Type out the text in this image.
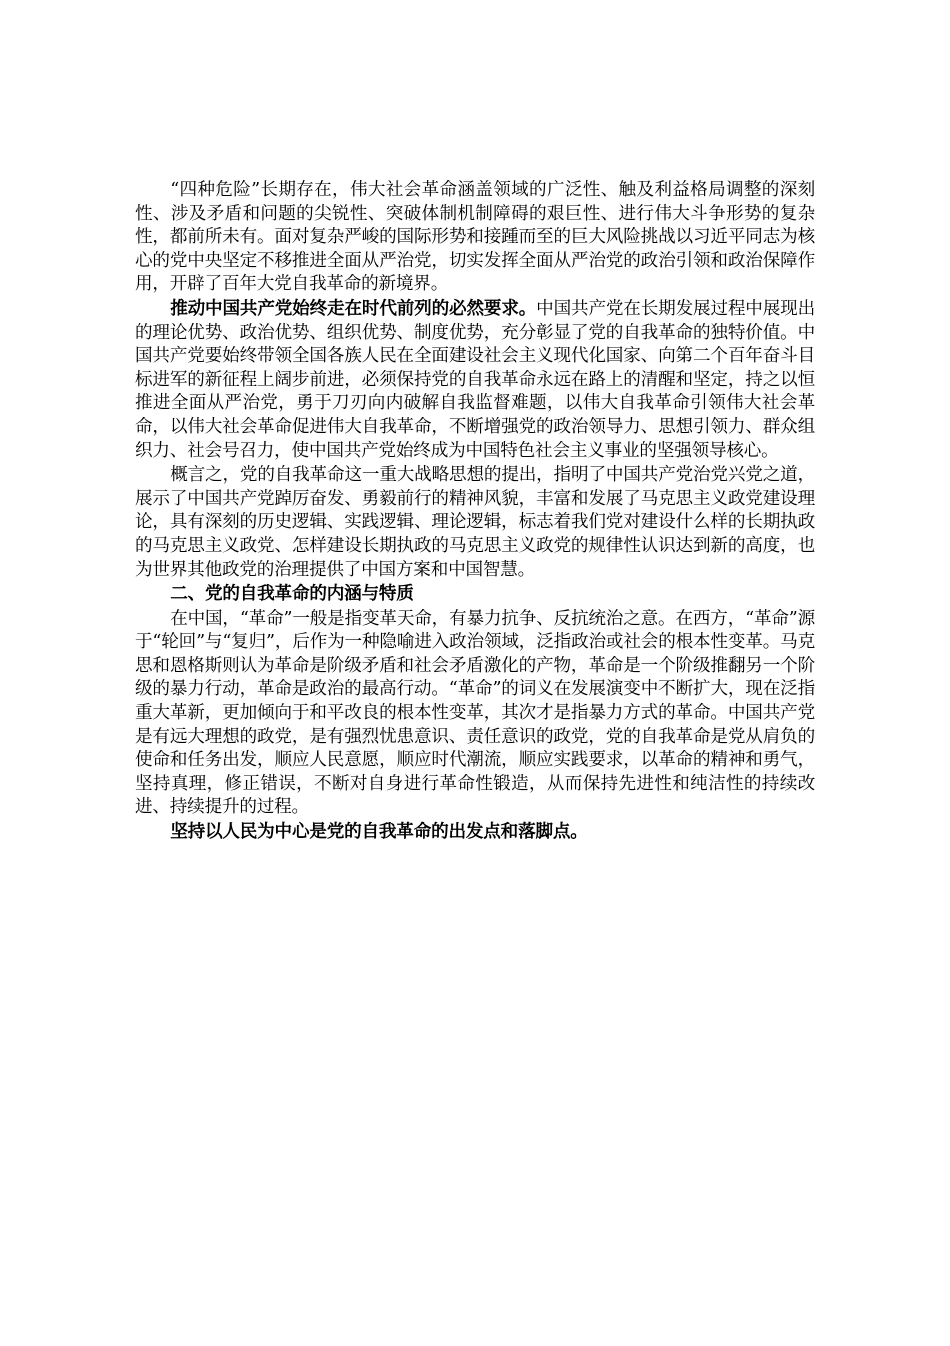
“四种危险”长期存在，伟大社会革命涵盖领域的广泛性、触及利益格局调整的深刻性、涉及矛盾和问题的尖锐性、突破体制机制障碍的艰巨性、进行伟大斗争形势的复杂性，都前所未有。面对复杂严峻的国际形势和接踵而至的巨大风险挑战以习近平同志为核心的党中央坚定不移推进全面从严治党，切实发挥全面从严治党的政治引领和政治保障作用，开辟了百年大党自我革命的新境界。

推动中国共产党始终走在时代前列的必然要求。中国共产党在长期发展过程中展现出的理论优势、政治优势、组织优势、制度优势，充分彰显了党的自我革命的独特价值。中国共产党要始终带领全国各族人民在全面建设社会主义现代化国家、向第二个百年奋斗目标进军的新征程上阔步前进，必须保持党的自我革命永远在路上的清醒和坚定，持之以恒推进全面从严治党，勇于刀刃向内破解自我监督难题，以伟大自我革命引领伟大社会革命，以伟大社会革命促进伟大自我革命，不断增强党的政治领导力、思想引领力、群众组织力、社会号召力，使中国共产党始终成为中国特色社会主义事业的坚强领导核心。

概言之，党的自我革命这一重大战略思想的提出，指明了中国共产党治党兴党之道，展示了中国共产党踔厉奋发、勇毅前行的精神风貌，丰富和发展了马克思主义政党建设理论，具有深刻的历史逻辑、实践逻辑、理论逻辑，标志着我们党对建设什么样的长期执政的马克思主义政党、怎样建设长期执政的马克思主义政党的规律性认识达到新的高度，也为世界其他政党的治理提供了中国方案和中国智慧。

二、党的自我革命的内涵与特质

在中国，“革命”一般是指变革天命，有暴力抗争、反抗统治之意。在西方，“革命”源于“轮回”与“复归”，后作为一种隐喻进入政治领域，泛指政治或社会的根本性变革。马克思和恩格斯则认为革命是阶级矛盾和社会矛盾激化的产物，革命是一个阶级推翻另一个阶级的暴力行动，革命是政治的最高行动。“革命”的词义在发展演变中不断扩大，现在泛指重大革新，更加倾向于和平改良的根本性变革，其次才是指暴力方式的革命。中国共产党是有远大理想的政党，是有强烈忧患意识、责任意识的政党，党的自我革命是党从肩负的使命和任务出发，顺应人民意愿，顺应时代潮流，顺应实践要求，以革命的精神和勇气，坚持真理，修正错误，不断对自身进行革命性锻造，从而保持先进性和纯洁性的持续改进、持续提升的过程。

坚持以人民为中心是党的自我革命的出发点和落脚点。
